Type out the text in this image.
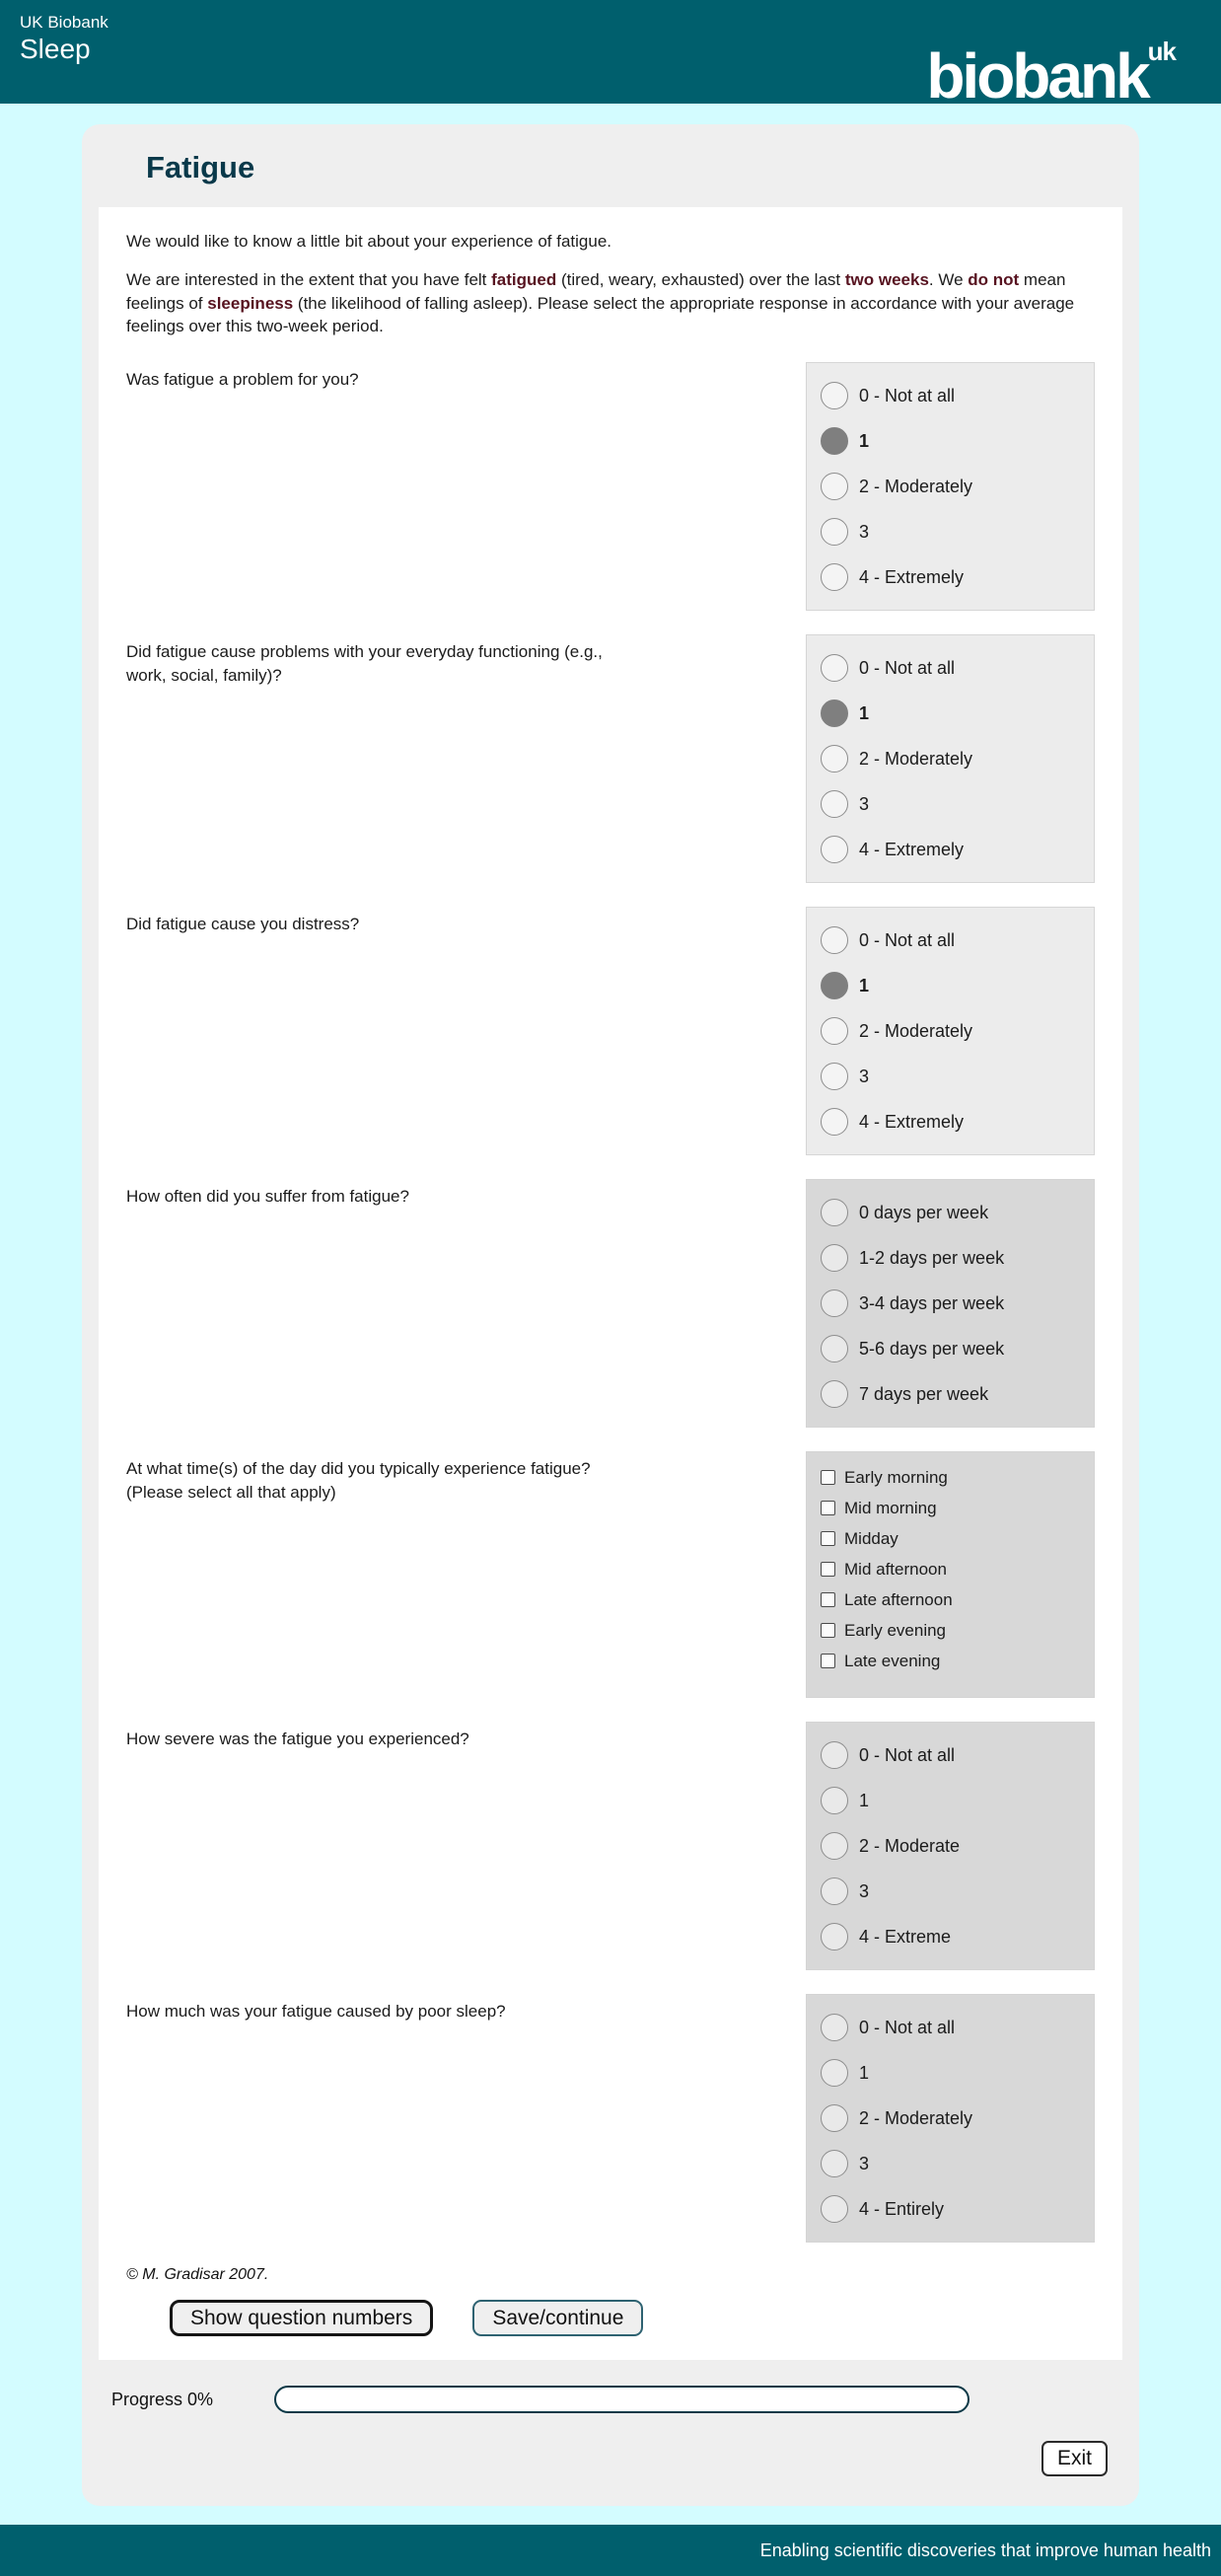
UK Biobank
Sleep	biobank$^{uk}$
Fatigue

We would like to know a little bit about your experience of fatigue.

We are interested in the extent that you have felt fatigued (tired, weary, exhausted) over the last two weeks. We do not mean feelings of sleepiness (the likelihood of falling asleep). Please select the appropriate response in accordance with your average feelings over this two-week period.

Was fatigue a problem for you?
0 - Not at all
1
2 - Moderately
3
4 - Extremely
Did fatigue cause problems with your everyday functioning (e.g., work, social, family)?	0 - Not at all
1
2 - Moderately
3
4 - Extremely
Did fatigue cause you distress?
0 - Not at all
1
2 - Moderately
3
4 - Extremely
How often did you suffer from fatigue?
0 days per week
1-2 days per week
3-4 days per week
5-6 days per week
7 days per week
At what time(s) of the day did you typically experience fatigue? (Please select all that apply)
Early morning
Mid morning
Midday
Mid afternoon
Late afternoon
Early evening
Late evening
How severe was the fatigue you experienced?
0 - Not at all
1
2 - Moderate
3
4 - Extreme
How much was your fatigue caused by poor sleep?
0 - Not at all
1
2 - Moderately
3
4 - Entirely

© M. Gradisar 2007.

Show question numbers	Save/continue
Progress 0%
Exit
Enabling scientific discoveries that improve human health
